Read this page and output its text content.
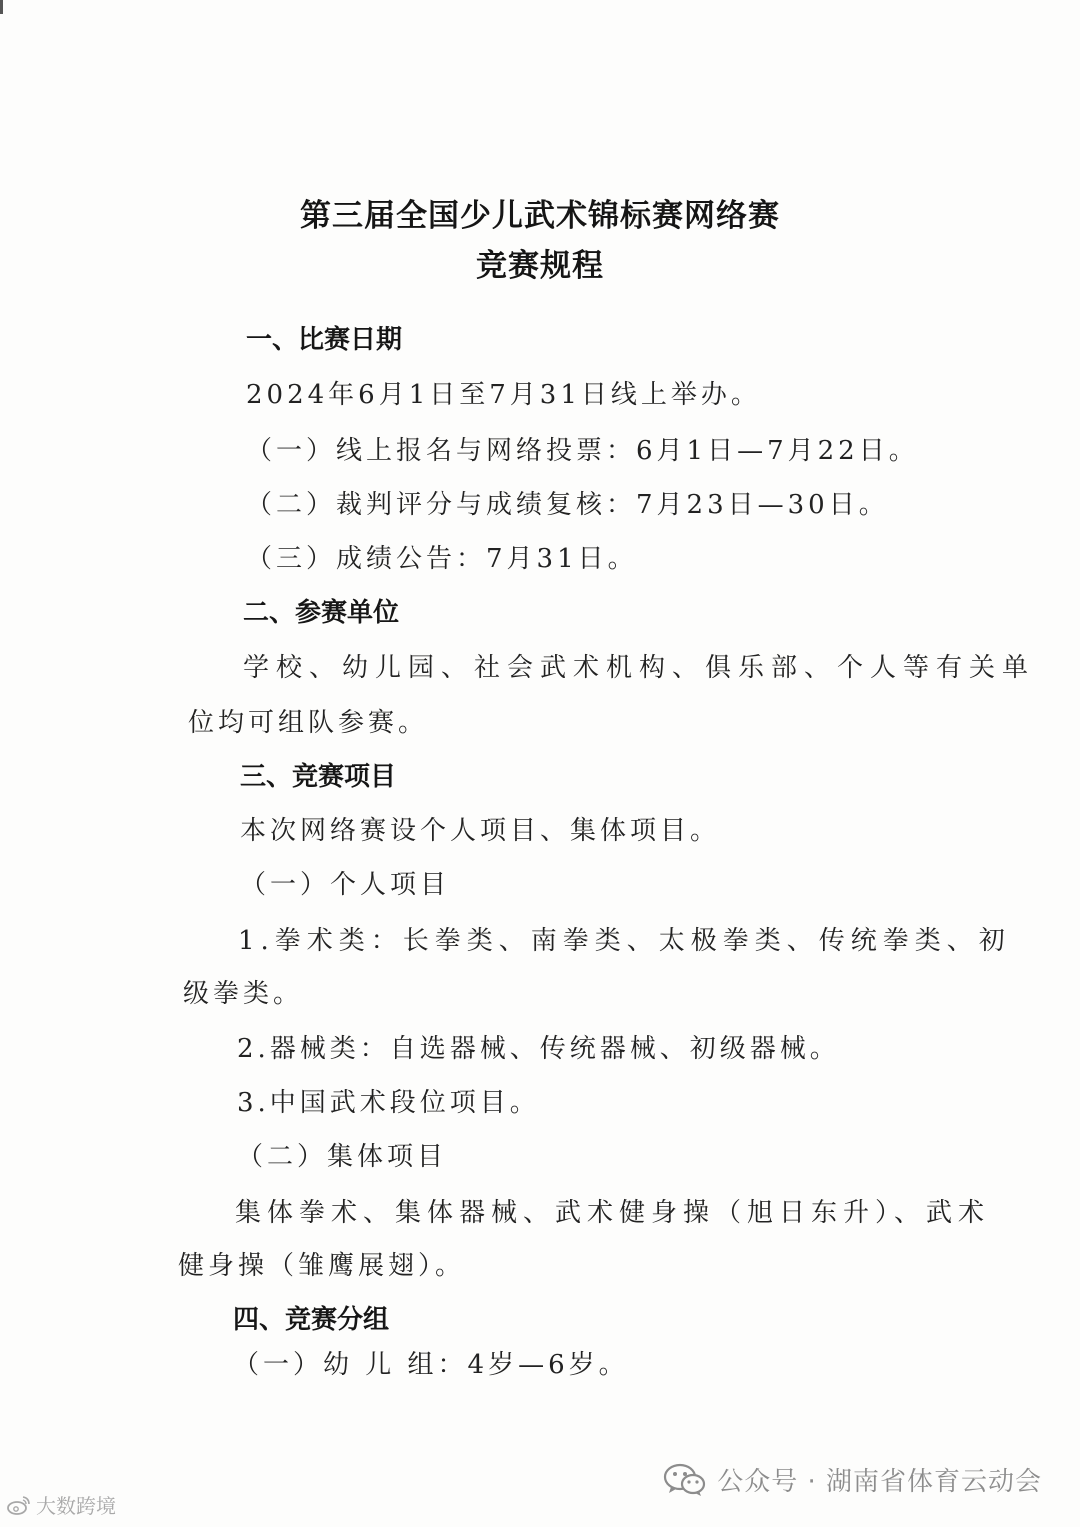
第三届全国少儿武术锦标赛网络赛
竞赛规程
一、比赛日期
2024年6月1日至7月31日线上举办。
（一）线上报名与网络投票：6月1日—7月22日。
（二）裁判评分与成绩复核：7月23日—30日。
（三）成绩公告：7月31日。
二、参赛单位
学校、幼儿园、社会武术机构、俱乐部、个人等有关单
位均可组队参赛。
三、竞赛项目
本次网络赛设个人项目、集体项目。
（一）个人项目
1.拳术类：长拳类、南拳类、太极拳类、传统拳类、初
级拳类。
2.器械类：自选器械、传统器械、初级器械。
3.中国武术段位项目。
（二）集体项目
集体拳术、集体器械、武术健身操（旭日东升）、武术
健身操（雏鹰展翅）。
四、竞赛分组
（一）幼 儿 组：4岁—6岁。
公众号 · 湖南省体育云动会
大数跨境
